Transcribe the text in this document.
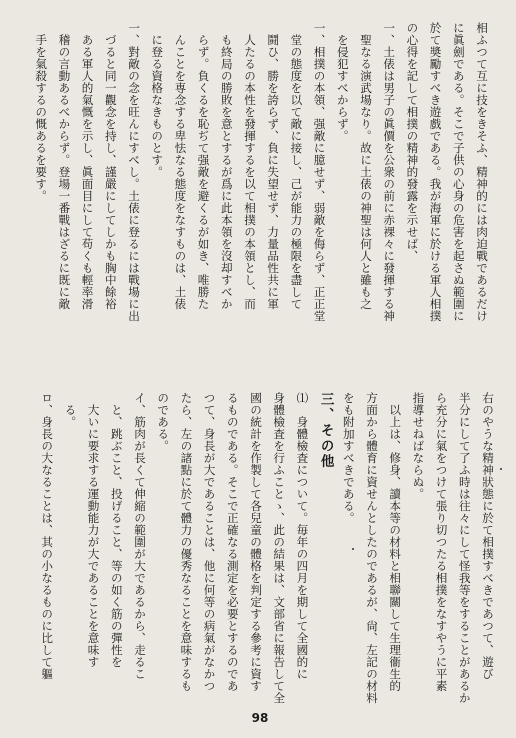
相ふつて互に技をきそふ、精神的には肉迫戰であるだけ
に眞劍である。そこで子供の心身の危害を起さぬ範圍に
於て奬勵すべき遊戲である。我が海軍に於ける軍人相撲
の心得を記して相撲の精神的發露を示せば、
一、土俵は男子の眞價を公衆の前に赤裸々に發揮する神
　聖なる演武場なり。故に土俵の神聖は何人と雖も之
　を侵犯すべからず。
一、相撲の本領、强敵に臆せず、弱敵を侮らず、正正堂
　堂の態度を以て敵に接し、己が能力の極限を盡して
　鬪ひ、勝を誇らず、負に失望せず、力量品性共に軍
　人たるの本性を發揮するを以て相撲の本領とし、而
　も終局の勝敗を意とするが爲に此本領を沒却すべか
　らず。負くるを恥ぢて强敵を避くるが如き、唯勝た
　んことを専念する卑怯なる態度をなすものは、土俵
　に登る資格なきものとす。
一、對敵の念を旺んにすべし。土俵に登るには戰場に出
　づると同一觀念を持し、謹嚴にしてしかも胸中餘裕
　ある軍人的氣慨を示し、眞面目にして苟くも輕率滑
　稽の言動あるべからず。登場一番戰はざるに既に敵
　手を氣殺するの慨あるを要す。
右のやうな精神狀態に於て相撲すべきであつて、遊び
半分にして了ふ時は往々にして怪我等をすることがあるか
ら充分に氣をつけて張り切つたる相撲をなすやうに平素
指導せねばならぬ。
　以上は、修身、讀本等の材料と相聯關して生理衞生的
方面から體育に資せんとしたのであるが、尙、左記の材料
をも附加すべきである。
三、その他
⑴　身體檢査について。毎年の四月を期して全國的に
身體檢査を行ふことゝ、此の結果は、文部省に報告して全
國の統計を作製して各兒童の體格を判定する參考に資す
るものである。そこで正確なる測定を必要とするのであ
つて、身長が大であることは、他に何等の病氣がなかつ
たら、左の諸點に於て體力の優秀なることを意味するも
のである。
イ、筋肉が長くて伸縮の範圍が大であるから、走るこ
　と、跳ぶこと、投げること、等の如く筋の彈性を
　大いに要求する運動能力が大であることを意味す
　る。
ロ、身長の大なることは、其の小なるものに比して軀
98
